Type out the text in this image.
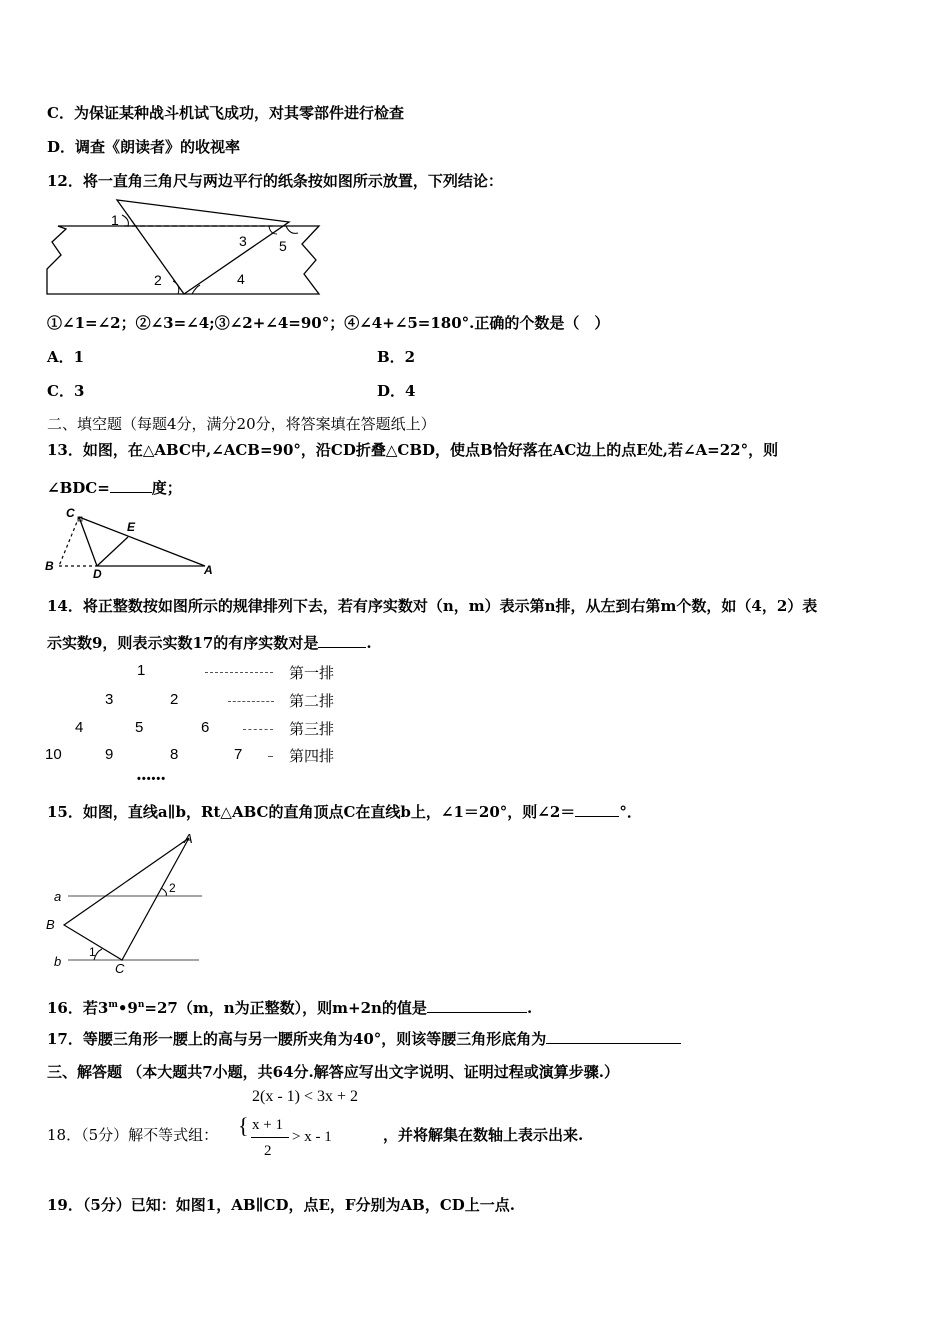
C．为保证某种战斗机试飞成功，对其零部件进行检查
D．调查《朗读者》的收视率
12．将一直角三角尺与两边平行的纸条按如图所示放置，下列结论：
1
2
3
4
5
①∠1=∠2；②∠3=∠4;③∠2+∠4=90°；④∠4+∠5=180°.正确的个数是（　）
A．1	B．2
C．3	D．4
二、填空题（每题4分，满分20分，将答案填在答题纸上）
13．如图，在△ABC中,∠ACB=90°，沿CD折叠△CBD，使点B恰好落在AC边上的点E处,若∠A=22°，则
∠BDC=	度；
C
E
B
D	A
14．将正整数按如图所示的规律排列下去，若有序实数对（n，m）表示第n排，从左到右第m个数，如（4，2）表
示实数9，则表示实数17的有序实数对是	.
1	第一排
3	2	第二排
4	5	6	第三排
10	9	8	7	第四排
••••••
15．如图，直线a∥b，Rt△ABC的直角顶点C在直线b上，∠1＝20°，则∠2＝	°．
A
a
2
B
b
1
C
16．若$3^m•9^n=27(m$，n为正整数），则m+2n的值是	.
17．等腰三角形一腰上的高与另一腰所夹角为40°，则该等腰三角形底角为
三、解答题 （本大题共7小题，共64分.解答应写出文字说明、证明过程或演算步骤.）
2(x - 1) < 3x + 2
18．（5分）解不等式组： { x + 1
2
> x - 1	，并将解集在数轴上表示出来.
19．（5分）已知：如图1，AB∥CD，点E，F分别为AB，CD上一点.
